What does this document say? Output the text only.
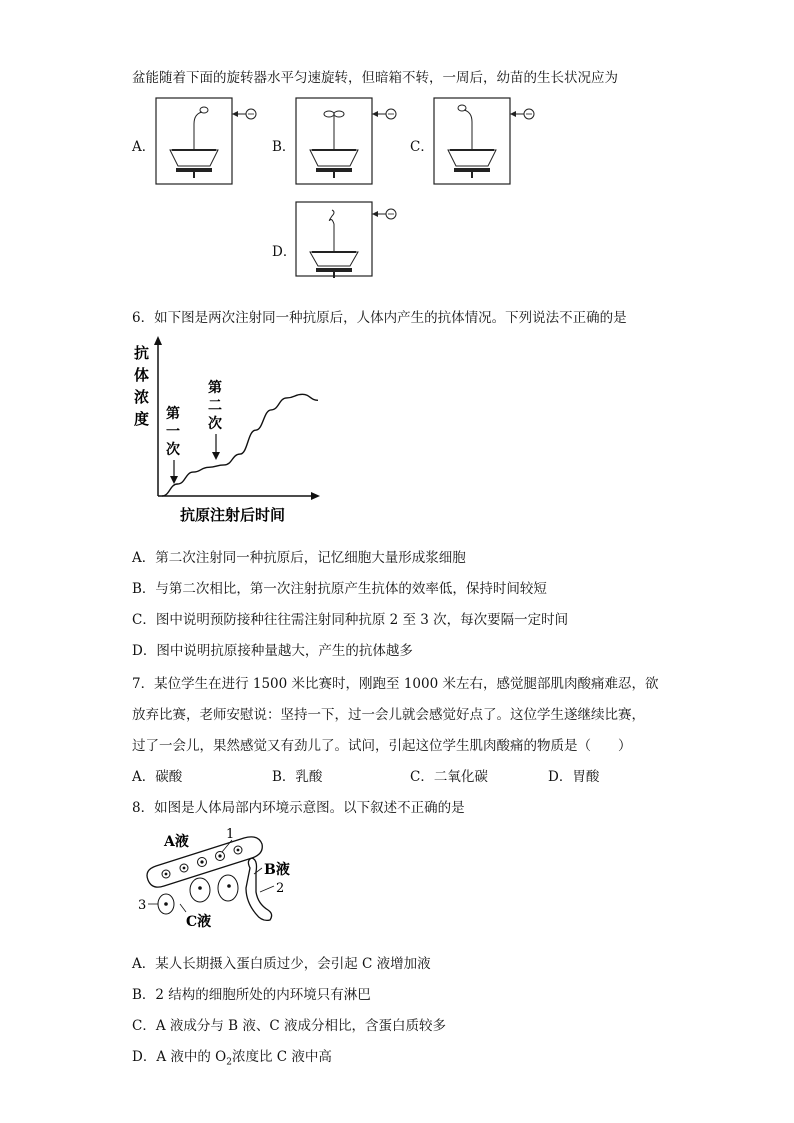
盆能随着下面的旋转器水平匀速旋转，但暗箱不转，一周后，幼苗的生长状况应为
A．	B．	C．
D．
6．如下图是两次注射同一种抗原后，人体内产生的抗体情况。下列说法不正确的是
抗
体
浓
度
抗原注射后时间
第
一
次
第
二
次
A．第二次注射同一种抗原后，记忆细胞大量形成浆细胞
B．与第二次相比，第一次注射抗原产生抗体的效率低，保持时间较短
C．图中说明预防接种往往需注射同种抗原 2 至 3 次，每次要隔一定时间
D．图中说明抗原接种量越大，产生的抗体越多
7．某位学生在进行 1500 米比赛时，刚跑至 1000 米左右，感觉腿部肌肉酸痛难忍，欲
放弃比赛，老师安慰说：坚持一下，过一会儿就会感觉好点了。这位学生遂继续比赛，
过了一会儿，果然感觉又有劲儿了。试问，引起这位学生肌肉酸痛的物质是（　　）
A．碳酸	B．乳酸	C．二氧化碳	D．胃酸
8．如图是人体局部内环境示意图。以下叙述不正确的是
A液	1
B液
2
3
C液
A．某人长期摄入蛋白质过少，会引起 C 液增加液
B．2 结构的细胞所处的内环境只有淋巴
C．A 液成分与 B 液、C 液成分相比，含蛋白质较多
D．A 液中的 $O_2$浓度比 C 液中高
